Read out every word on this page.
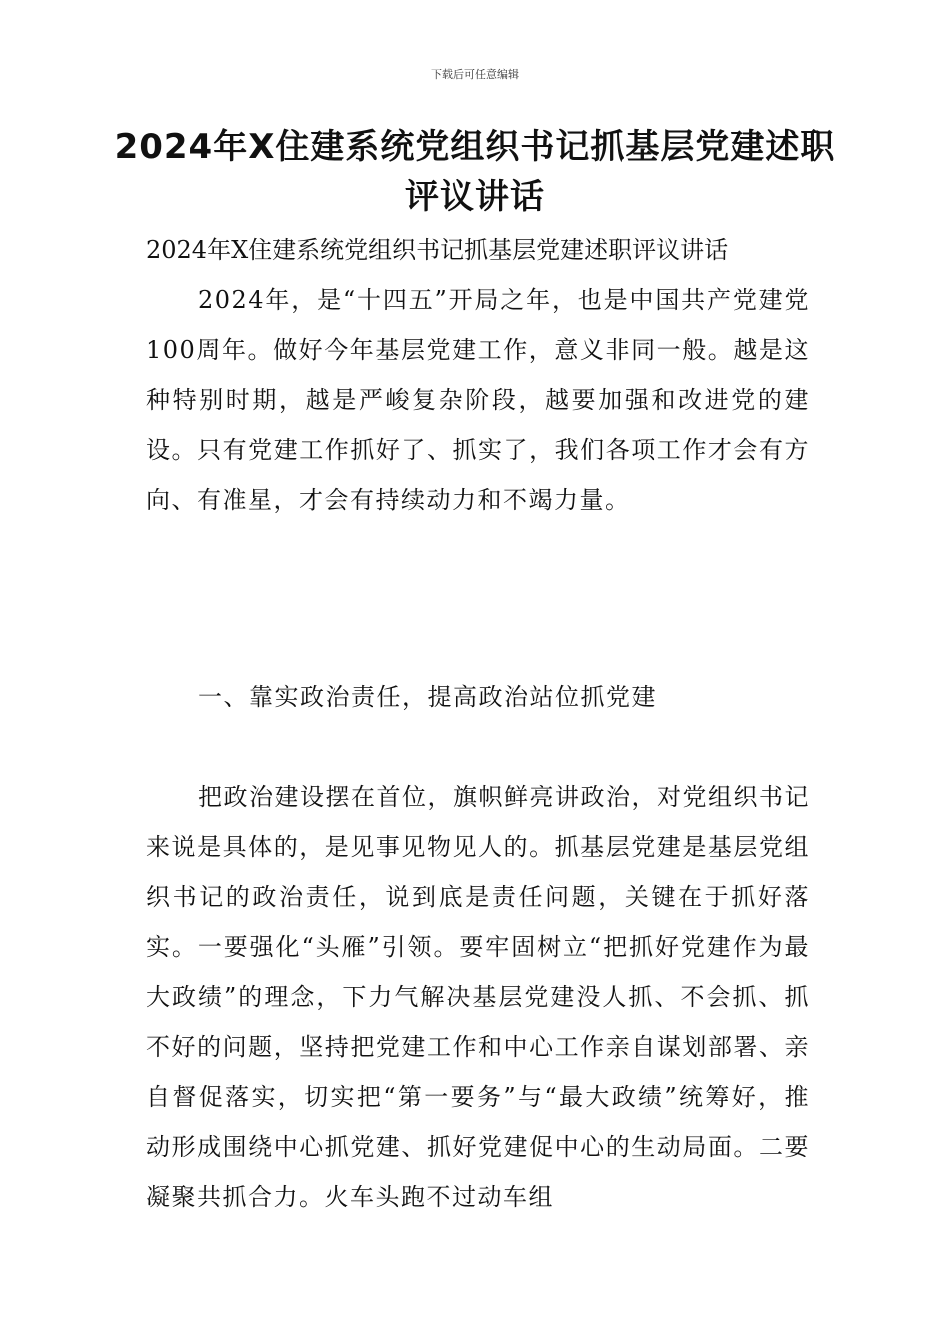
下载后可任意编辑
2024年X住建系统党组织书记抓基层党建述职评议讲话
2024年X住建系统党组织书记抓基层党建述职评议讲话
2024年，是“十四五”开局之年，也是中国共产党建党100周年。做好今年基层党建工作，意义非同一般。越是这种特别时期，越是严峻复杂阶段，越要加强和改进党的建设。只有党建工作抓好了、抓实了，我们各项工作才会有方向、有准星，才会有持续动力和不竭力量。
一、靠实政治责任，提高政治站位抓党建
把政治建设摆在首位，旗帜鲜亮讲政治，对党组织书记来说是具体的，是见事见物见人的。抓基层党建是基层党组织书记的政治责任，说到底是责任问题，关键在于抓好落实。一要强化“头雁”引领。要牢固树立“把抓好党建作为最大政绩”的理念，下力气解决基层党建没人抓、不会抓、抓不好的问题，坚持把党建工作和中心工作亲自谋划部署、亲自督促落实，切实把“第一要务”与“最大政绩”统筹好，推动形成围绕中心抓党建、抓好党建促中心的生动局面。二要凝聚共抓合力。火车头跑不过动车组
